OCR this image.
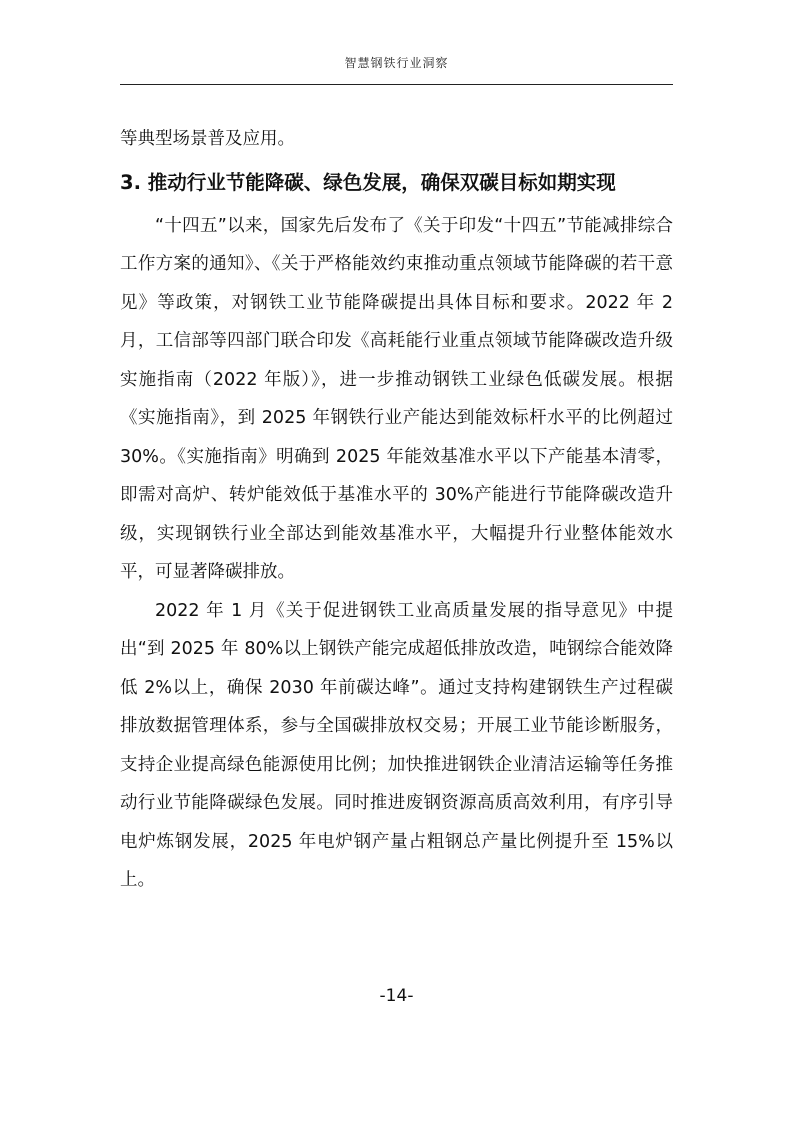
智慧钢铁行业洞察

等典型场景普及应用。

3. 推动行业节能降碳、绿色发展，确保双碳目标如期实现

“十四五”以来，国家先后发布了《关于印发“十四五”节能减排综合工作方案的通知》、《关于严格能效约束推动重点领域节能降碳的若干意见》等政策，对钢铁工业节能降碳提出具体目标和要求。2022 年 2 月，工信部等四部门联合印发《高耗能行业重点领域节能降碳改造升级实施指南（2022 年版）》，进一步推动钢铁工业绿色低碳发展。根据《实施指南》，到 2025 年钢铁行业产能达到能效标杆水平的比例超过 30%。《实施指南》明确到 2025 年能效基准水平以下产能基本清零，即需对高炉、转炉能效低于基准水平的 30%产能进行节能降碳改造升级，实现钢铁行业全部达到能效基准水平，大幅提升行业整体能效水平，可显著降碳排放。

2022 年 1 月《关于促进钢铁工业高质量发展的指导意见》中提出“到 2025 年 80%以上钢铁产能完成超低排放改造，吨钢综合能效降低 2%以上，确保 2030 年前碳达峰”。通过支持构建钢铁生产过程碳排放数据管理体系，参与全国碳排放权交易；开展工业节能诊断服务，支持企业提高绿色能源使用比例；加快推进钢铁企业清洁运输等任务推动行业节能降碳绿色发展。同时推进废钢资源高质高效利用，有序引导电炉炼钢发展，2025 年电炉钢产量占粗钢总产量比例提升至 15%以上。

-14-
